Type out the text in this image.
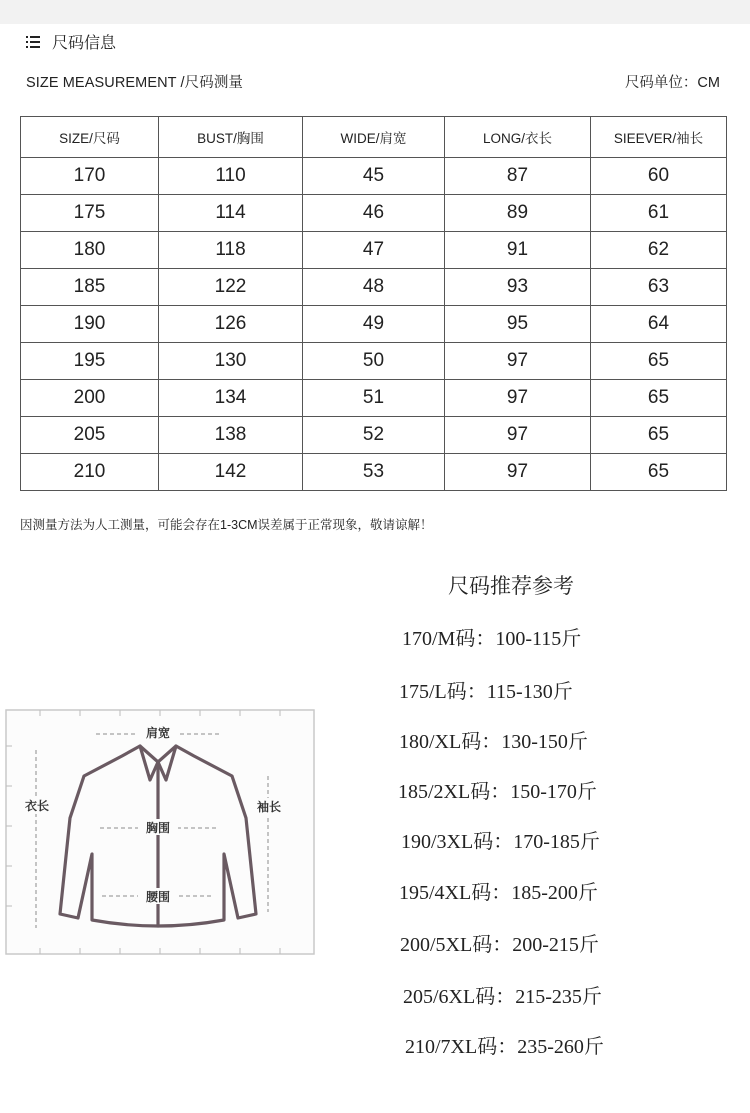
尺码信息
SIZE MEASUREMENT /尺码测量	尺码单位：CM
SIZE/尺码	BUST/胸围	WIDE/肩宽	LONG/衣长	SIEEVER/袖长
170	110	45	87	60
175	114	46	89	61
180	118	47	91	62
185	122	48	93	63
190	126	49	95	64
195	130	50	97	65
200	134	51	97	65
205	138	52	97	65
210	142	53	97	65
因测量方法为人工测量，可能会存在1-3CM误差属于正常现象，敬请谅解！
尺码推荐参考
170/M码：100-115斤
175/L码：115-130斤
180/XL码：130-150斤
185/2XL码：150-170斤
190/3XL码：170-185斤
195/4XL码：185-200斤
200/5XL码：200-215斤
205/6XL码：215-235斤
210/7XL码：235-260斤
肩宽
衣长	袖长
胸围
腰围
